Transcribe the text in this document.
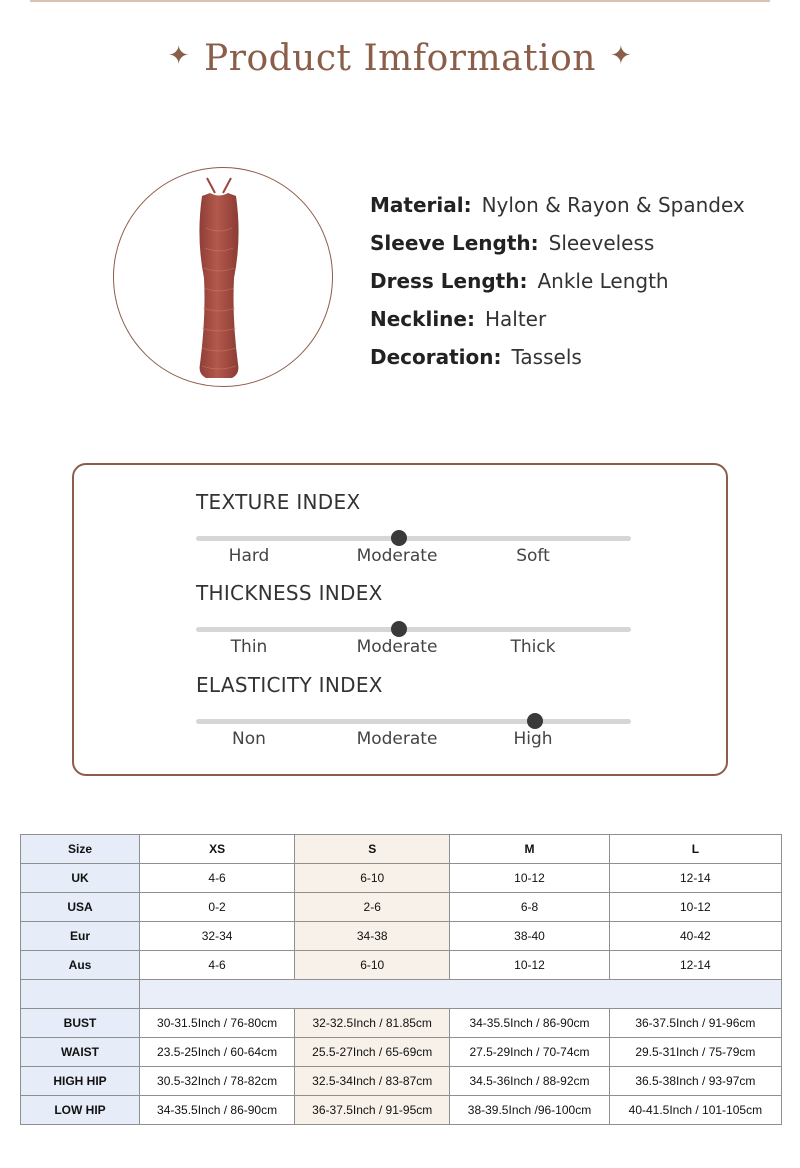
✦ Product Imformation ✦
Material: Nylon & Rayon & Spandex
Sleeve Length: Sleeveless
Dress Length: Ankle Length
Neckline: Halter
Decoration: Tassels
TEXTURE INDEX
Hard	Moderate	Soft
THICKNESS INDEX
Thin	Moderate	Thick
ELASTICITY INDEX
Non	Moderate	High
Size	XS	S	M	L
UK	4-6	6-10	10-12	12-14
USA	0-2	2-6	6-8	10-12
Eur	32-34	34-38	38-40	40-42
Aus	4-6	6-10	10-12	12-14

BUST	30-31.5Inch / 76-80cm	32-32.5Inch / 81.85cm	34-35.5Inch / 86-90cm	36-37.5Inch / 91-96cm
WAIST	23.5-25Inch / 60-64cm	25.5-27Inch / 65-69cm	27.5-29Inch / 70-74cm	29.5-31Inch / 75-79cm
HIGH HIP	30.5-32Inch / 78-82cm	32.5-34Inch / 83-87cm	34.5-36Inch / 88-92cm	36.5-38Inch / 93-97cm
LOW HIP	34-35.5Inch / 86-90cm	36-37.5Inch / 91-95cm	38-39.5Inch /96-100cm	40-41.5Inch / 101-105cm
